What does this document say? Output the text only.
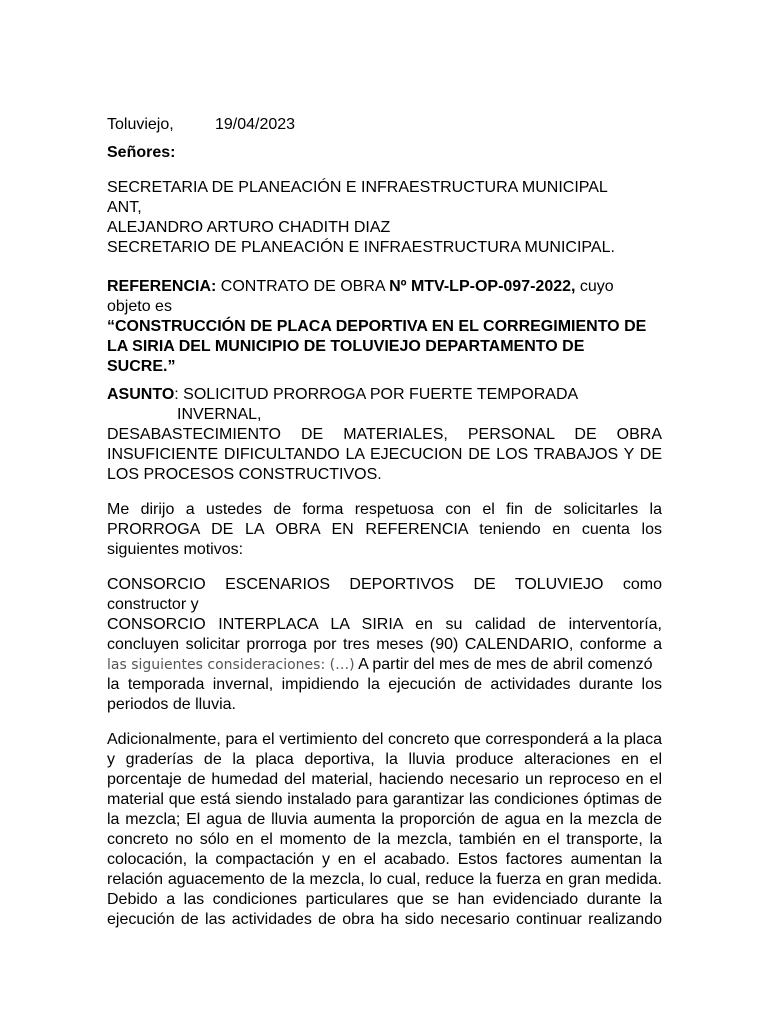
Toluviejo,	19/04/2023

Señores:

SECRETARIA DE PLANEACIÓN E INFRAESTRUCTURA MUNICIPAL

ANT,

ALEJANDRO ARTURO CHADITH DIAZ

SECRETARIO DE PLANEACIÓN E INFRAESTRUCTURA MUNICIPAL.

REFERENCIA: CONTRATO DE OBRA Nº MTV-LP-OP-097-2022, cuyo

objeto es

“CONSTRUCCIÓN DE PLACA DEPORTIVA EN EL CORREGIMIENTO DE

LA SIRIA DEL MUNICIPIO DE TOLUVIEJO DEPARTAMENTO DE

SUCRE.”

ASUNTO: SOLICITUD PRORROGA POR FUERTE TEMPORADA

INVERNAL,

DESABASTECIMIENTO DE MATERIALES, PERSONAL DE OBRA

INSUFICIENTE DIFICULTANDO LA EJECUCION DE LOS TRABAJOS Y DE

LOS PROCESOS CONSTRUCTIVOS.

Me dirijo a ustedes de forma respetuosa con el fin de solicitarles la

PRORROGA DE LA OBRA EN REFERENCIA teniendo en cuenta los

siguientes motivos:

CONSORCIO ESCENARIOS DEPORTIVOS DE TOLUVIEJO como

constructor y

CONSORCIO INTERPLACA LA SIRIA en su calidad de interventoría,

concluyen solicitar prorroga por tres meses (90) CALENDARIO, conforme a

las siguientes consideraciones: (…) A partir del mes de mes de abril comenzó

la temporada invernal, impidiendo la ejecución de actividades durante los

periodos de lluvia.

Adicionalmente, para el vertimiento del concreto que corresponderá a la placa

y graderías de la placa deportiva, la lluvia produce alteraciones en el

porcentaje de humedad del material, haciendo necesario un reproceso en el

material que está siendo instalado para garantizar las condiciones óptimas de

la mezcla; El agua de lluvia aumenta la proporción de agua en la mezcla de

concreto no sólo en el momento de la mezcla, también en el transporte, la

colocación, la compactación y en el acabado. Estos factores aumentan la

relación aguacemento de la mezcla, lo cual, reduce la fuerza en gran medida.

Debido a las condiciones particulares que se han evidenciado durante la

ejecución de las actividades de obra ha sido necesario continuar realizando
